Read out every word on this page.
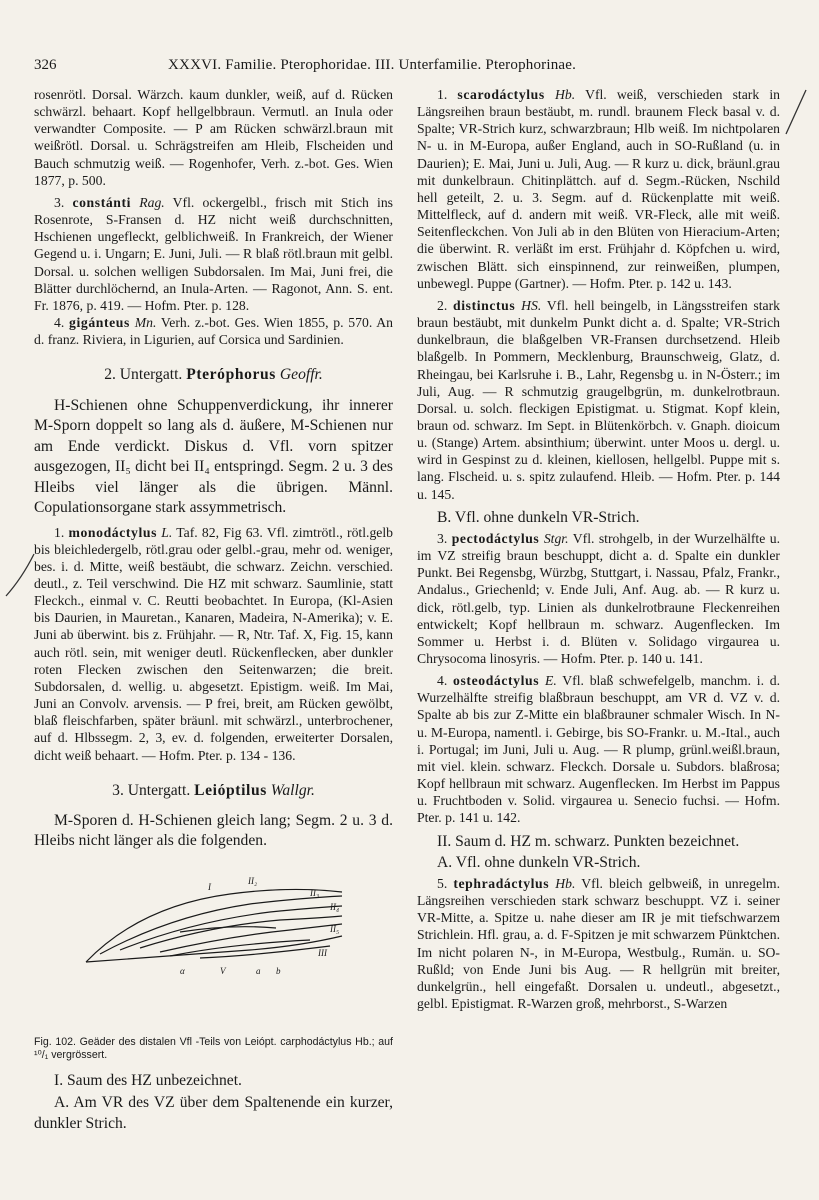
326	XXXVI. Familie. Pterophoridae. III. Unterfamilie. Pterophorinae.

rosenrötl. Dorsal. Wärzch. kaum dunkler, weiß, auf d. Rücken schwärzl. behaart. Kopf hellgelbbraun. Vermutl. an Inula oder verwandter Composite. — P am Rücken schwärzl.braun mit weißrötl. Dorsal. u. Schrägstreifen am Hleib, Flscheiden und Bauch schmutzig weiß. — Rogenhofer, Verh. z.-bot. Ges. Wien 1877, p. 500.

3. constánti Rag. Vfl. ockergelbl., frisch mit Stich ins Rosenrote, S-Fransen d. HZ nicht weiß durchschnitten, Hschienen ungefleckt, gelblichweiß. In Frankreich, der Wiener Gegend u. i. Ungarn; E. Juni, Juli. — R blaß rötl.braun mit gelbl. Dorsal. u. solchen welligen Subdorsalen. Im Mai, Juni frei, die Blätter durchlöchernd, an Inula-Arten. — Ragonot, Ann. S. ent. Fr. 1876, p. 419. — Hofm. Pter. p. 128.

4. gigánteus Mn. Verh. z.-bot. Ges. Wien 1855, p. 570. An d. franz. Riviera, in Ligurien, auf Corsica und Sardinien.

2. Untergatt. Pteróphorus Geoffr.

H-Schienen ohne Schuppenverdickung, ihr innerer M-Sporn doppelt so lang als d. äußere, M-Schienen nur am Ende verdickt. Diskus d. Vfl. vorn spitzer ausgezogen, II₅ dicht bei II₄ entspringd. Segm. 2 u. 3 des Hleibs viel länger als die übrigen. Männl. Copulationsorgane stark assymmetrisch.

1. monodáctylus L. Taf. 82, Fig 63. Vfl. zimtrötl., rötl.gelb bis bleichledergelb, rötl.grau oder gelbl.-grau, mehr od. weniger, bes. i. d. Mitte, weiß bestäubt, die schwarz. Zeichn. verschied. deutl., z. Teil verschwind. Die HZ mit schwarz. Saumlinie, statt Fleckch., einmal v. C. Reutti beobachtet. In Europa, (Kl-Asien bis Daurien, in Mauretan., Kanaren, Madeira, N-Amerika); v. E. Juni ab überwint. bis z. Frühjahr. — R, Ntr. Taf. X, Fig. 15, kann auch rötl. sein, mit weniger deutl. Rückenflecken, aber dunkler roten Flecken zwischen den Seitenwarzen; die breit. Subdorsalen, d. wellig. u. abgesetzt. Epistigm. weiß. Im Mai, Juni an Convolv. arvensis. — P frei, breit, am Rücken gewölbt, blaß fleischfarben, später bräunl. mit schwärzl., unterbrochener, auf d. Hlbssegm. 2, 3, ev. d. folgenden, erweiterter Dorsalen, dicht weiß behaart. — Hofm. Pter. p. 134 - 136.

3. Untergatt. Leióptilus Wallgr.

M-Sporen d. H-Schienen gleich lang; Segm. 2 u. 3 d. Hleibs nicht länger als die folgenden.

I
II₂
II₃
II₄
II₅
III
α	V	a b

Fig. 102. Geäder des distalen Vfl -Teils von Leiópt. carphodáctylus Hb.; auf ¹⁰/₁ vergrössert.

I. Saum des HZ unbezeichnet.

A. Am VR des VZ über dem Spaltenende ein kurzer, dunkler Strich.

1. scarodáctylus Hb. Vfl. weiß, verschieden stark in Längsreihen braun bestäubt, m. rundl. braunem Fleck basal v. d. Spalte; VR-Strich kurz, schwarzbraun; Hlb weiß. Im nichtpolaren N- u. in M-Europa, außer England, auch in SO-Rußland (u. in Daurien); E. Mai, Juni u. Juli, Aug. — R kurz u. dick, bräunl.grau mit dunkelbraun. Chitinplättch. auf d. Segm.-Rücken, Nschild hell geteilt, 2. u. 3. Segm. auf d. Rückenplatte mit weiß. Mittelfleck, auf d. andern mit weiß. VR-Fleck, alle mit weiß. Seitenfleckchen. Von Juli ab in den Blüten von Hieracium-Arten; die überwint. R. verläßt im erst. Frühjahr d. Köpfchen u. wird, zwischen Blätt. sich einspinnend, zur reinweißen, plumpen, unbewegl. Puppe (Gartner). — Hofm. Pter. p. 142 u. 143.

2. distinctus HS. Vfl. hell beingelb, in Längsstreifen stark braun bestäubt, mit dunkelm Punkt dicht a. d. Spalte; VR-Strich dunkelbraun, die blaßgelben VR-Fransen durchsetzend. Hleib blaßgelb. In Pommern, Mecklenburg, Braunschweig, Glatz, d. Rheingau, bei Karlsruhe i. B., Lahr, Regensbg u. in N-Österr.; im Juli, Aug. — R schmutzig graugelbgrün, m. dunkelrotbraun. Dorsal. u. solch. fleckigen Epistigmat. u. Stigmat. Kopf klein, braun od. schwarz. Im Sept. in Blütenkörbch. v. Gnaph. dioicum u. (Stange) Artem. absinthium; überwint. unter Moos u. dergl. u. wird in Gespinst zu d. kleinen, kiellosen, hellgelbl. Puppe mit s. lang. Flscheid. u. s. spitz zulaufend. Hleib. — Hofm. Pter. p. 144 u. 145.

B. Vfl. ohne dunkeln VR-Strich.

3. pectodáctylus Stgr. Vfl. strohgelb, in der Wurzelhälfte u. im VZ streifig braun beschuppt, dicht a. d. Spalte ein dunkler Punkt. Bei Regensbg, Würzbg, Stuttgart, i. Nassau, Pfalz, Frankr., Andalus., Griechenld; v. Ende Juli, Anf. Aug. ab. — R kurz u. dick, rötl.gelb, typ. Linien als dunkelrotbraune Fleckenreihen entwickelt; Kopf hellbraun m. schwarz. Augenflecken. Im Sommer u. Herbst i. d. Blüten v. Solidago virgaurea u. Chrysocoma linosyris. — Hofm. Pter. p. 140 u. 141.

4. osteodáctylus E. Vfl. blaß schwefelgelb, manchm. i. d. Wurzelhälfte streifig blaßbraun beschuppt, am VR d. VZ v. d. Spalte ab bis zur Z-Mitte ein blaßbrauner schmaler Wisch. In N- u. M-Europa, namentl. i. Gebirge, bis SO-Frankr. u. M.-Ital., auch i. Portugal; im Juni, Juli u. Aug. — R plump, grünl.weißl.braun, mit viel. klein. schwarz. Fleckch. Dorsale u. Subdors. blaßrosa; Kopf hellbraun mit schwarz. Augenflecken. Im Herbst im Pappus u. Fruchtboden v. Solid. virgaurea u. Senecio fuchsi. — Hofm. Pter. p. 141 u. 142.

II. Saum d. HZ m. schwarz. Punkten bezeichnet.

A. Vfl. ohne dunkeln VR-Strich.

5. tephradáctylus Hb. Vfl. bleich gelbweiß, in unregelm. Längsreihen verschieden stark schwarz beschuppt. VZ i. seiner VR-Mitte, a. Spitze u. nahe dieser am IR je mit tiefschwarzem Strichlein. Hfl. grau, a. d. F-Spitzen je mit schwarzem Pünktchen. Im nicht polaren N-, in M-Europa, Westbulg., Rumän. u. SO-Rußld; von Ende Juni bis Aug. — R hellgrün mit breiter, dunkelgrün., hell eingefaßt. Dorsalen u. undeutl., abgesetzt., gelbl. Epistigmat. R-Warzen groß, mehrborst., S-Warzen
